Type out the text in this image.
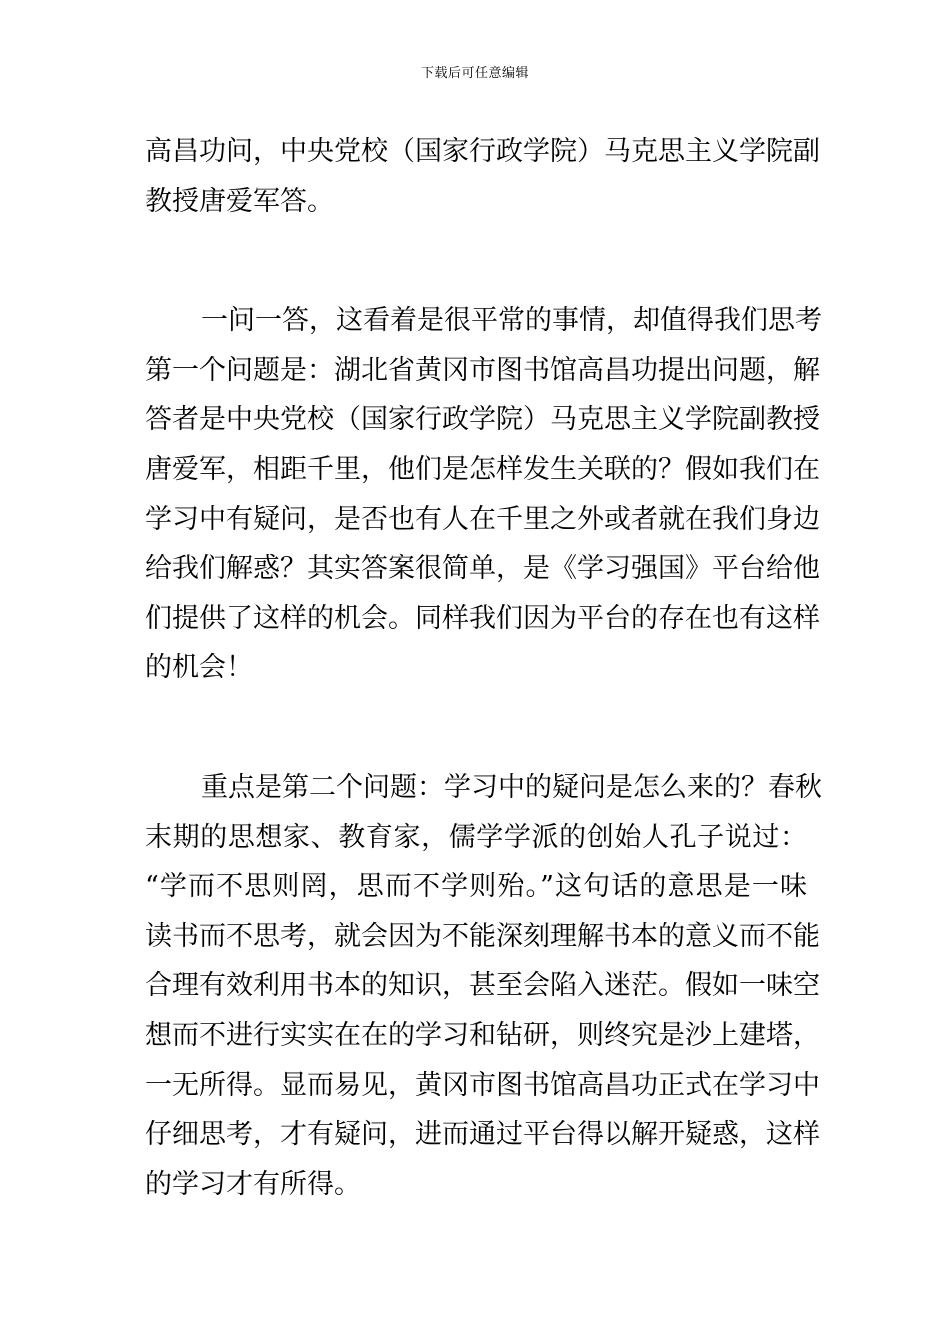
下载后可任意编辑
高昌功问，中央党校（国家行政学院）马克思主义学院副
教授唐爱军答。
一问一答，这看着是很平常的事情，却值得我们思考
第一个问题是：湖北省黄冈市图书馆高昌功提出问题，解
答者是中央党校（国家行政学院）马克思主义学院副教授
唐爱军，相距千里，他们是怎样发生关联的？假如我们在
学习中有疑问，是否也有人在千里之外或者就在我们身边
给我们解惑？其实答案很简单，是《学习强国》平台给他
们提供了这样的机会。同样我们因为平台的存在也有这样
的机会！
重点是第二个问题：学习中的疑问是怎么来的？春秋
末期的思想家、教育家，儒学学派的创始人孔子说过：
“学而不思则罔，思而不学则殆。”这句话的意思是一味
读书而不思考，就会因为不能深刻理解书本的意义而不能
合理有效利用书本的知识，甚至会陷入迷茫。假如一味空
想而不进行实实在在的学习和钻研，则终究是沙上建塔，
一无所得。显而易见，黄冈市图书馆高昌功正式在学习中
仔细思考，才有疑问，进而通过平台得以解开疑惑，这样
的学习才有所得。
